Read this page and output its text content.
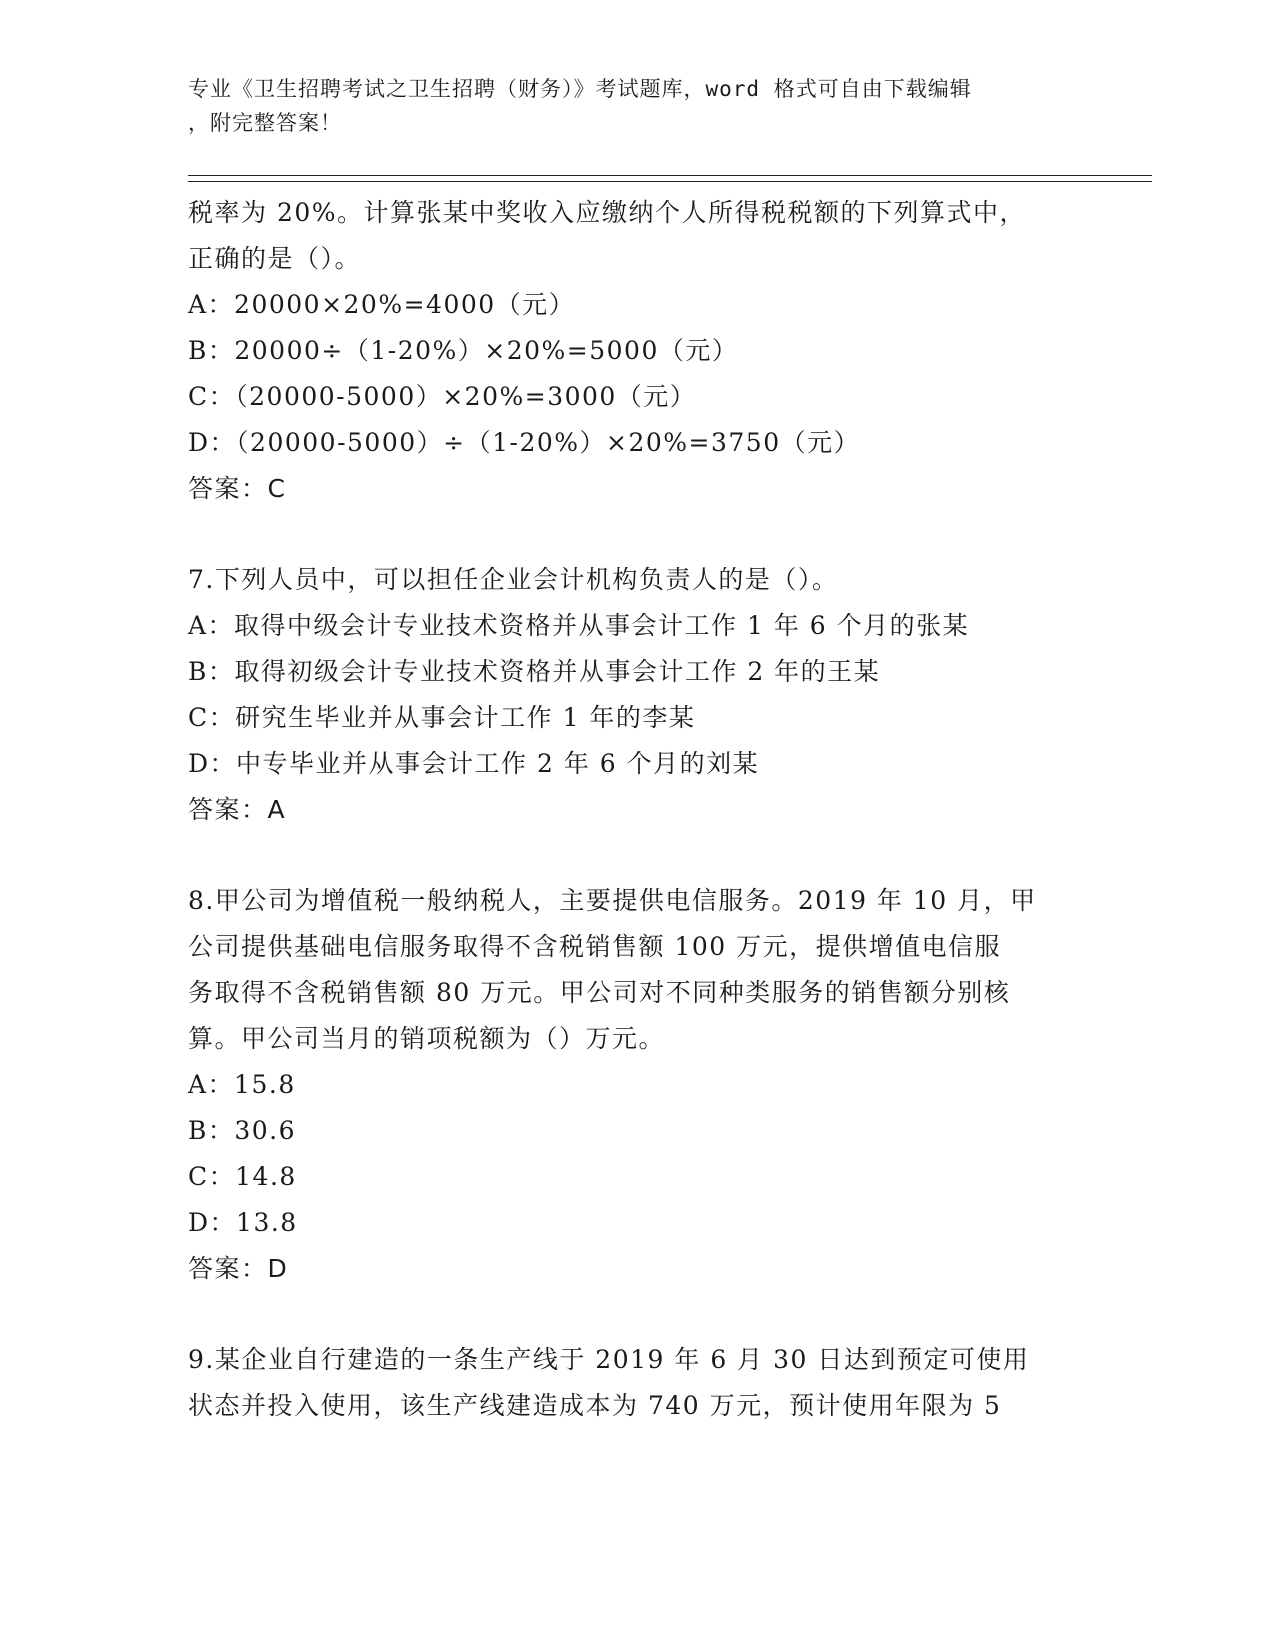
专业《卫生招聘考试之卫生招聘（财务）》考试题库，word 格式可自由下载编辑
，附完整答案！
税率为 20%。计算张某中奖收入应缴纳个人所得税税额的下列算式中，
正确的是（）。
A：20000×20%=4000（元）
B：20000÷（1-20%）×20%=5000（元）
C：（20000-5000）×20%=3000（元）
D：（20000-5000）÷（1-20%）×20%=3750（元）
答案：C
7.下列人员中，可以担任企业会计机构负责人的是（）。
A：取得中级会计专业技术资格并从事会计工作 1 年 6 个月的张某
B：取得初级会计专业技术资格并从事会计工作 2 年的王某
C：研究生毕业并从事会计工作 1 年的李某
D：中专毕业并从事会计工作 2 年 6 个月的刘某
答案：A
8.甲公司为增值税一般纳税人，主要提供电信服务。2019 年 10 月，甲
公司提供基础电信服务取得不含税销售额 100 万元，提供增值电信服
务取得不含税销售额 80 万元。甲公司对不同种类服务的销售额分别核
算。甲公司当月的销项税额为（）万元。
A：15.8
B：30.6
C：14.8
D：13.8
答案：D
9.某企业自行建造的一条生产线于 2019 年 6 月 30 日达到预定可使用
状态并投入使用，该生产线建造成本为 740 万元，预计使用年限为 5
